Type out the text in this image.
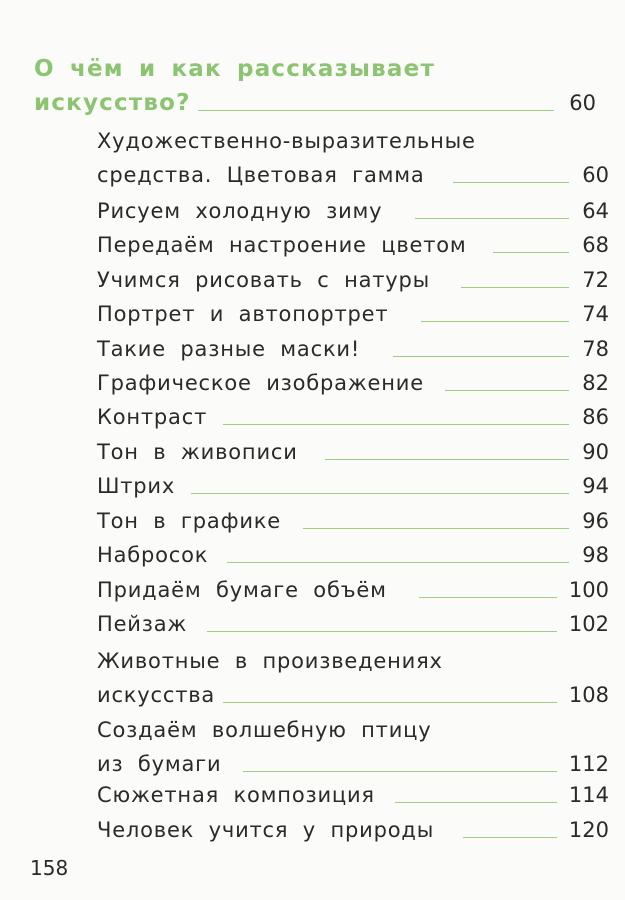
О чём и как рассказывает
искусство?	60
Художественно-выразительные
средства. Цветовая гамма	60
Рисуем холодную зиму	64
Передаём настроение цветом	68
Учимся рисовать с натуры	72
Портрет и автопортрет	74
Такие разные маски!	78
Графическое изображение	82
Контраст	86
Тон в живописи	90
Штрих	94
Тон в графике	96
Набросок	98
Придаём бумаге объём	100
Пейзаж	102
Животные в произведениях
искусства	108
Создаём волшебную птицу
из бумаги	112
Сюжетная композиция	114
Человек учится у природы	120
158
